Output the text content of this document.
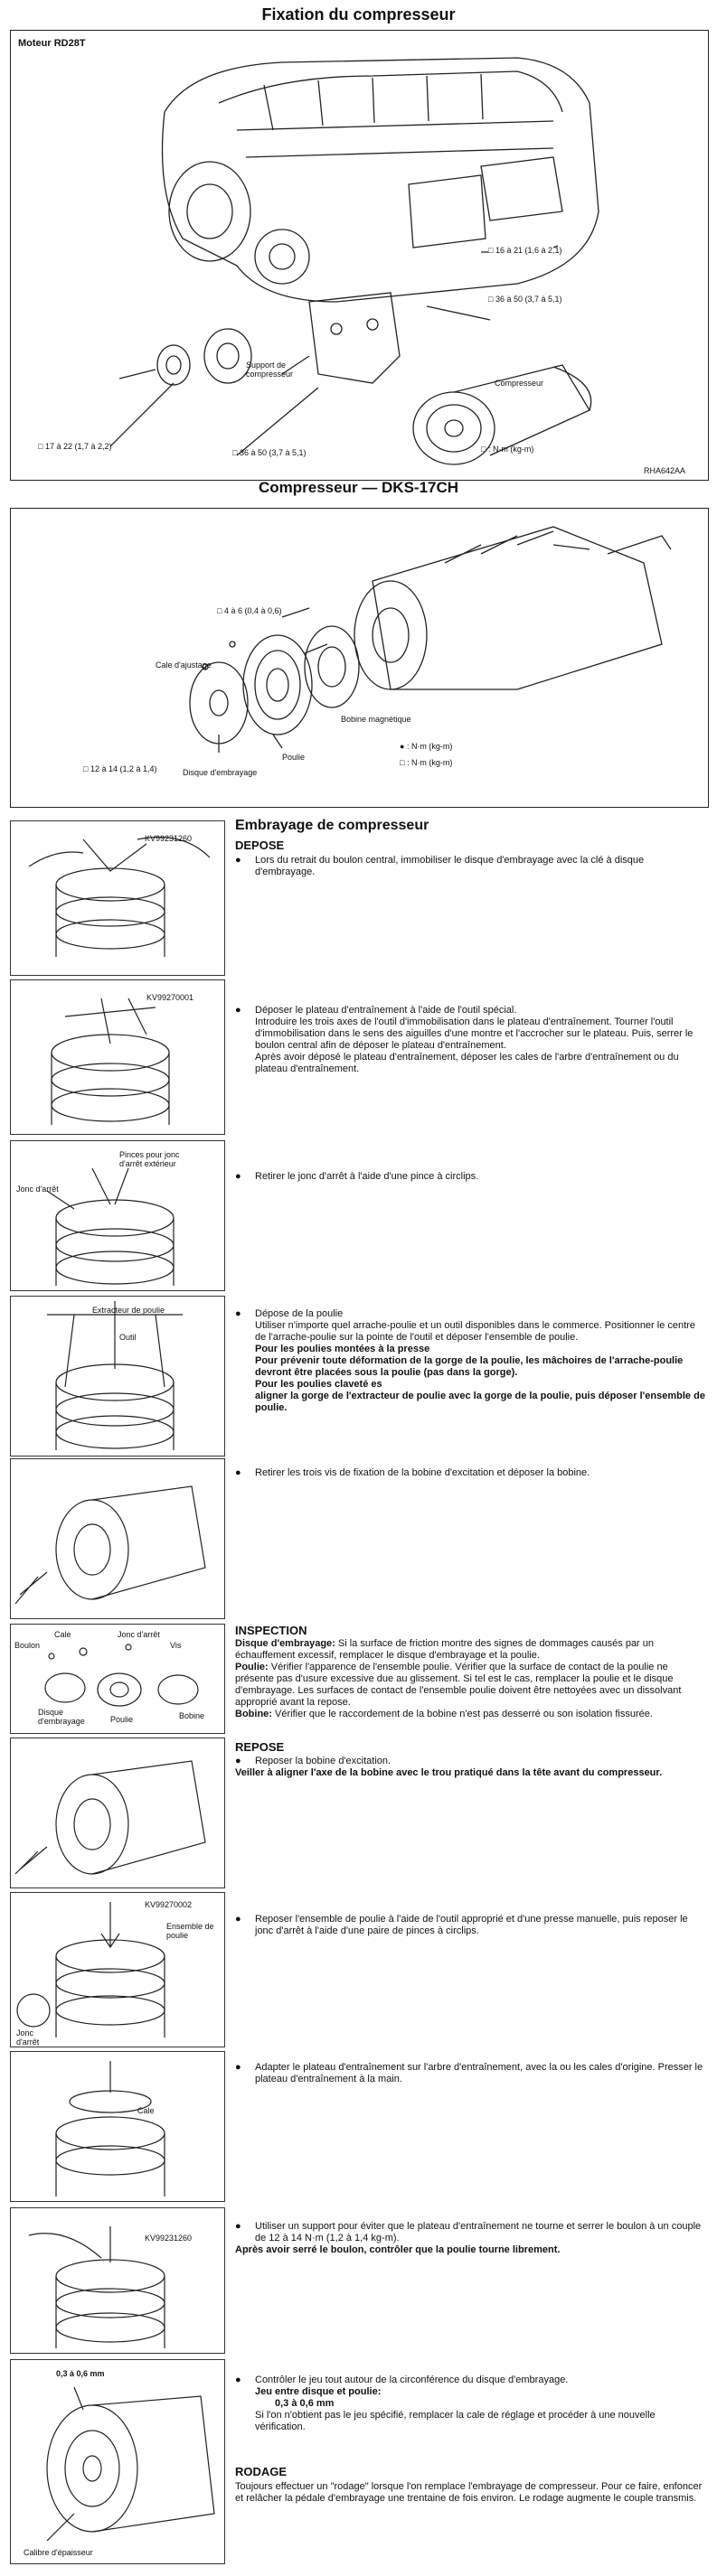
Fixation du compresseur
Moteur RD28T
□ 16 à 21 (1,6 à 2,1)
□ 36 à 50 (3,7 à 5,1)
Support de compresseur
Compresseur
□ 17 à 22 (1,7 à 2,2)
□ 36 à 50 (3,7 à 5,1)	□ : N·m (kg-m)
RHA642AA
Compresseur — DKS-17CH
□ 4 à 6 (0,4 à 0,6)
Cale d'ajustage
Bobine magnétique
Poulie
Disque d'embrayage
□ 12 à 14 (1,2 à 1,4)
● : N·m (kg-m)
□ : N·m (kg-m)
Embrayage de compresseur
DEPOSE
KV99231260
● Lors du retrait du boulon central, immobiliser le disque d'embrayage avec la clé à disque d'embrayage.
KV99270001
● Déposer le plateau d'entraînement à l'aide de l'outil spécial.
Introduire les trois axes de l'outil d'immobilisation dans le plateau d'entraînement. Tourner l'outil d'immobilisation dans le sens des aiguilles d'une montre et l'accrocher sur le plateau. Puis, serrer le boulon central afin de déposer le plateau d'entraînement.
Après avoir déposé le plateau d'entraînement, déposer les cales de l'arbre d'entraînement ou du plateau d'entraînement.
Pinces pour jonc d'arrêt extérieur
Jonc d'arrêt
● Retirer le jonc d'arrêt à l'aide d'une pince à circlips.
Extracteur de poulie
Outil
● Dépose de la poulie
Utiliser n'importe quel arrache-poulie et un outil disponibles dans le commerce. Positionner le centre de l'arrache-poulie sur la pointe de l'outil et déposer l'ensemble de poulie.
Pour les poulies montées à la presse
Pour prévenir toute déformation de la gorge de la poulie, les mâchoires de l'arrache-poulie devront être placées sous la poulie (pas dans la gorge).
Pour les poulies claveté es
aligner la gorge de l'extracteur de poulie avec la gorge de la poulie, puis déposer l'ensemble de poulie.
● Retirer les trois vis de fixation de la bobine d'excitation et déposer la bobine.
Cale	Jonc d'arrêt
Vis
Boulon
Disque d'embrayage	Poulie	Bobine
INSPECTION
Disque d'embrayage: Si la surface de friction montre des signes de dommages causés par un échauffement excessif, remplacer le disque d'embrayage et la poulie.
Poulie: Vérifier l'apparence de l'ensemble poulie. Vérifier que la surface de contact de la poulie ne présente pas d'usure excessive due au glissement. Si tel est le cas, remplacer la poulie et le disque d'embrayage. Les surfaces de contact de l'ensemble poulie doivent être nettoyées avec un dissolvant approprié avant la repose.
Bobine: Vérifier que le raccordement de la bobine n'est pas desserré ou son isolation fissurée.
REPOSE
● Reposer la bobine d'excitation.
Veiller à aligner l'axe de la bobine avec le trou pratiqué dans la tête avant du compresseur.
KV99270002
Ensemble de poulie
Jonc d'arrêt
● Reposer l'ensemble de poulie à l'aide de l'outil approprié et d'une presse manuelle, puis reposer le jonc d'arrêt à l'aide d'une paire de pinces à circlips.
Cale
● Adapter le plateau d'entraînement sur l'arbre d'entraînement, avec la ou les cales d'origine. Presser le plateau d'entraînement à la main.
KV99231260
● Utiliser un support pour éviter que le plateau d'entraînement ne tourne et serrer le boulon à un couple de 12 à 14 N·m (1,2 à 1,4 kg-m).
Après avoir serré le boulon, contrôler que la poulie tourne librement.
0,3 à 0,6 mm
Calibre d'épaisseur
● Contrôler le jeu tout autour de la circonférence du disque d'embrayage.
Jeu entre disque et poulie:
0,3 à 0,6 mm
Si l'on n'obtient pas le jeu spécifié, remplacer la cale de réglage et procéder à une nouvelle vérification.
RODAGE
Toujours effectuer un "rodage" lorsque l'on remplace l'embrayage de compresseur. Pour ce faire, enfoncer et relâcher la pédale d'embrayage une trentaine de fois environ. Le rodage augmente le couple transmis.
